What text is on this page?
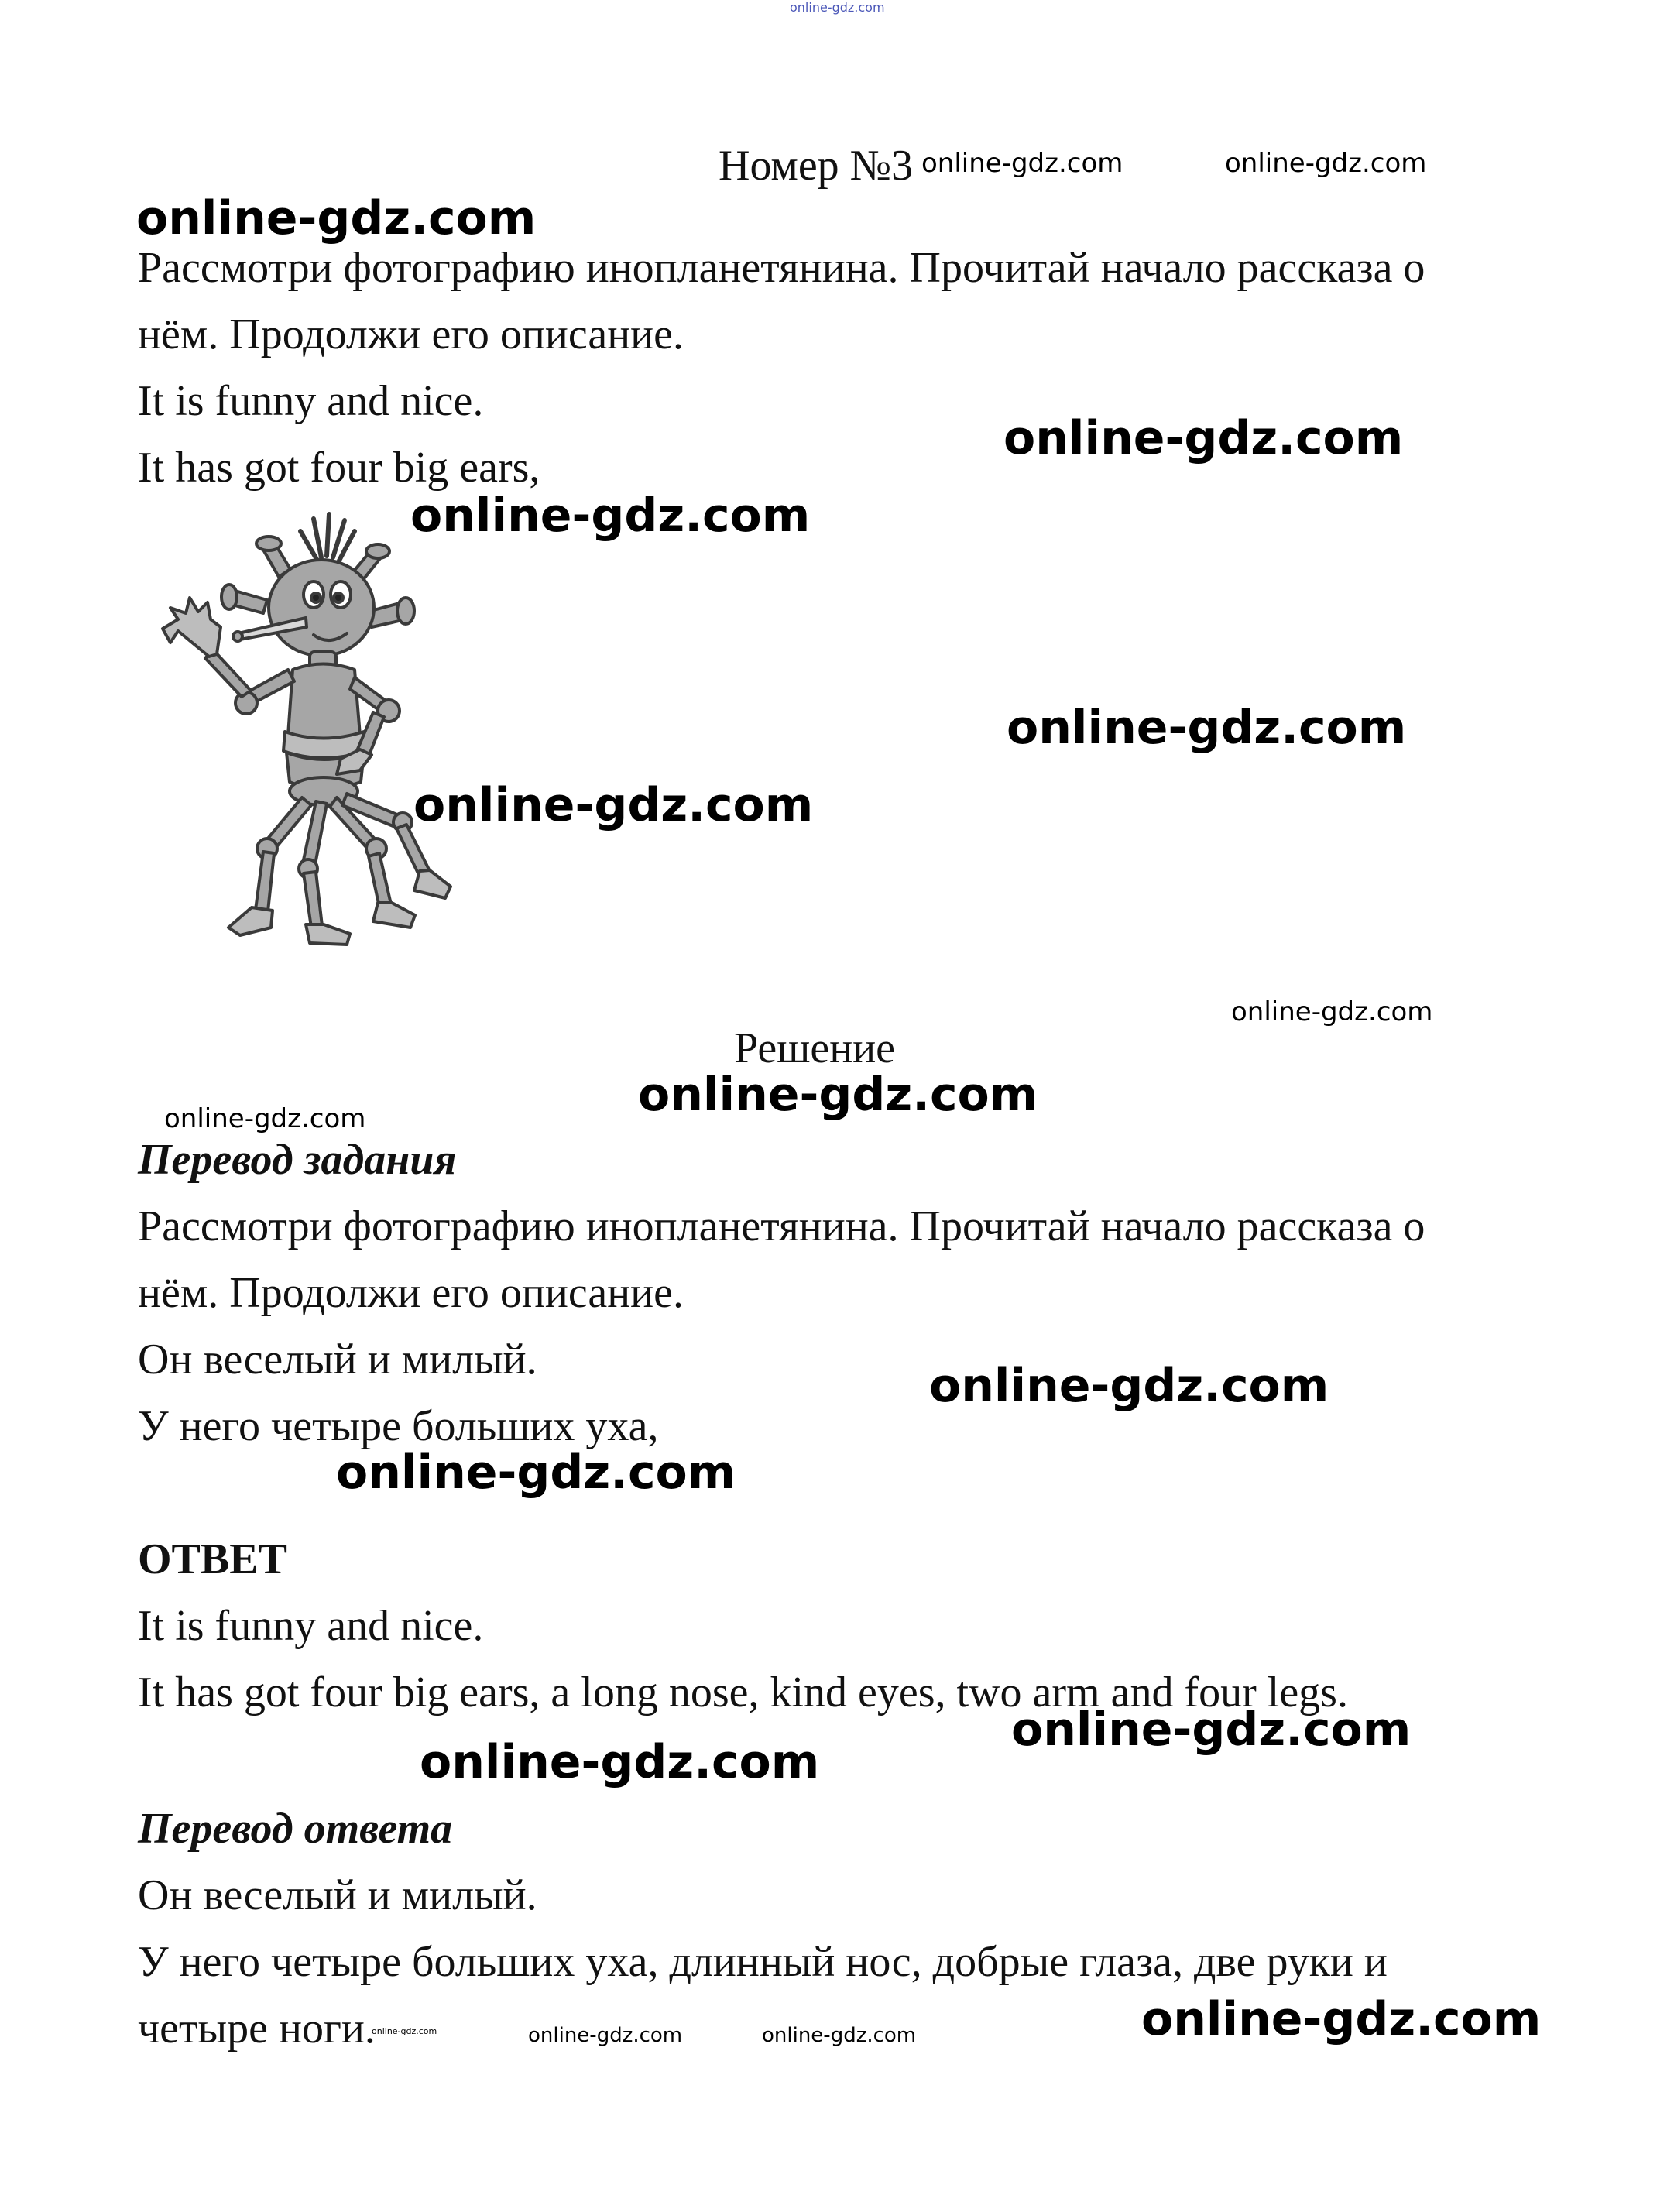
online-gdz.com
Номер №3 online-gdz.com	online-gdz.com
online-gdz.com
Рассмотри фотографию инопланетянина. Прочитай начало рассказа о
нём. Продолжи его описание.
It is funny and nice.
It has got four big ears,
online-gdz.com
online-gdz.com
online-gdz.com
online-gdz.com
online-gdz.com
Решение
online-gdz.com
online-gdz.com
Перевод задания
Рассмотри фотографию инопланетянина. Прочитай начало рассказа о
нём. Продолжи его описание.
Он веселый и милый.
У него четыре больших уха,
online-gdz.com
online-gdz.com
ОТВЕТ
It is funny and nice.
It has got four big ears, a long nose, kind eyes, two arm and four legs.
online-gdz.com
online-gdz.com
Перевод ответа
Он веселый и милый.
У него четыре больших уха, длинный нос, добрые глаза, две руки и
четыре ноги.
online-gdz.com	online-gdz.com	online-gdz.com	online-gdz.com
